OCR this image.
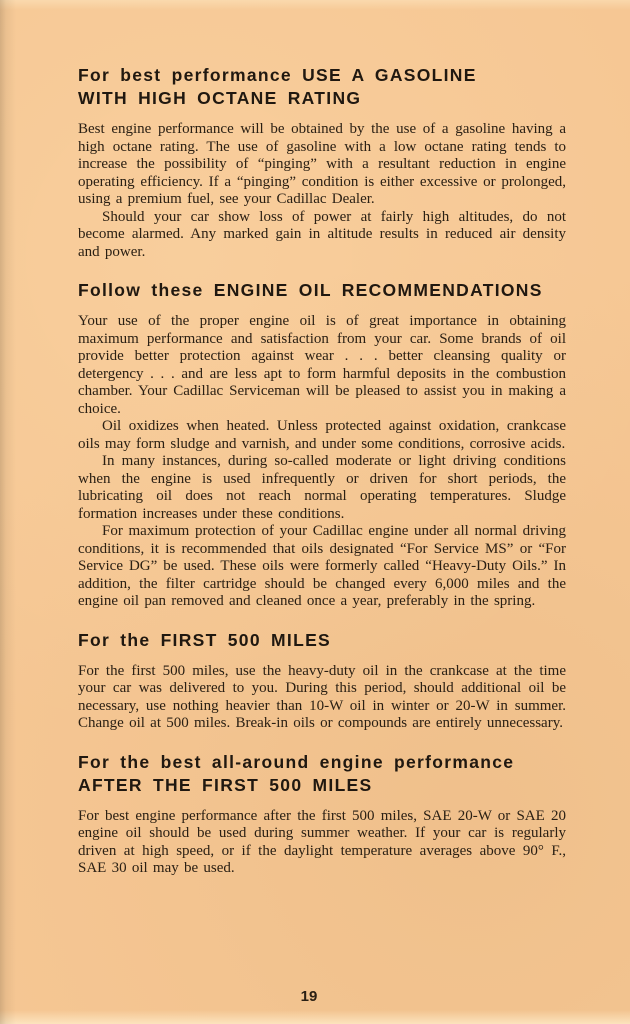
For best performance USE A GASOLINE
WITH HIGH OCTANE RATING

Best engine performance will be obtained by the use of a gasoline having a high octane rating. The use of gasoline with a low octane rating tends to increase the possibility of “pinging” with a resultant reduction in engine operating efficiency. If a “pinging” condition is either excessive or prolonged, using a premium fuel, see your Cadillac Dealer.

Should your car show loss of power at fairly high altitudes, do not become alarmed. Any marked gain in altitude results in reduced air density and power.

Follow these ENGINE OIL RECOMMENDATIONS

Your use of the proper engine oil is of great importance in obtaining maximum performance and satisfaction from your car. Some brands of oil provide better protection against wear . . . better cleansing quality or detergency . . . and are less apt to form harmful deposits in the combustion chamber. Your Cadillac Serviceman will be pleased to assist you in making a choice.

Oil oxidizes when heated. Unless protected against oxidation, crankcase oils may form sludge and varnish, and under some conditions, corrosive acids.

In many instances, during so-called moderate or light driving conditions when the engine is used infrequently or driven for short periods, the lubricating oil does not reach normal operating temperatures. Sludge formation increases under these conditions.

For maximum protection of your Cadillac engine under all normal driving conditions, it is recommended that oils designated “For Service MS” or “For Service DG” be used. These oils were formerly called “Heavy-Duty Oils.” In addition, the filter cartridge should be changed every 6,000 miles and the engine oil pan removed and cleaned once a year, preferably in the spring.

For the FIRST 500 MILES

For the first 500 miles, use the heavy-duty oil in the crankcase at the time your car was delivered to you. During this period, should additional oil be necessary, use nothing heavier than 10-W oil in winter or 20-W in summer. Change oil at 500 miles. Break-in oils or compounds are entirely unnecessary.

For the best all-around engine performance
AFTER THE FIRST 500 MILES

For best engine performance after the first 500 miles, SAE 20-W or SAE 20 engine oil should be used during summer weather. If your car is regularly driven at high speed, or if the daylight temperature averages above 90° F., SAE 30 oil may be used.

19
